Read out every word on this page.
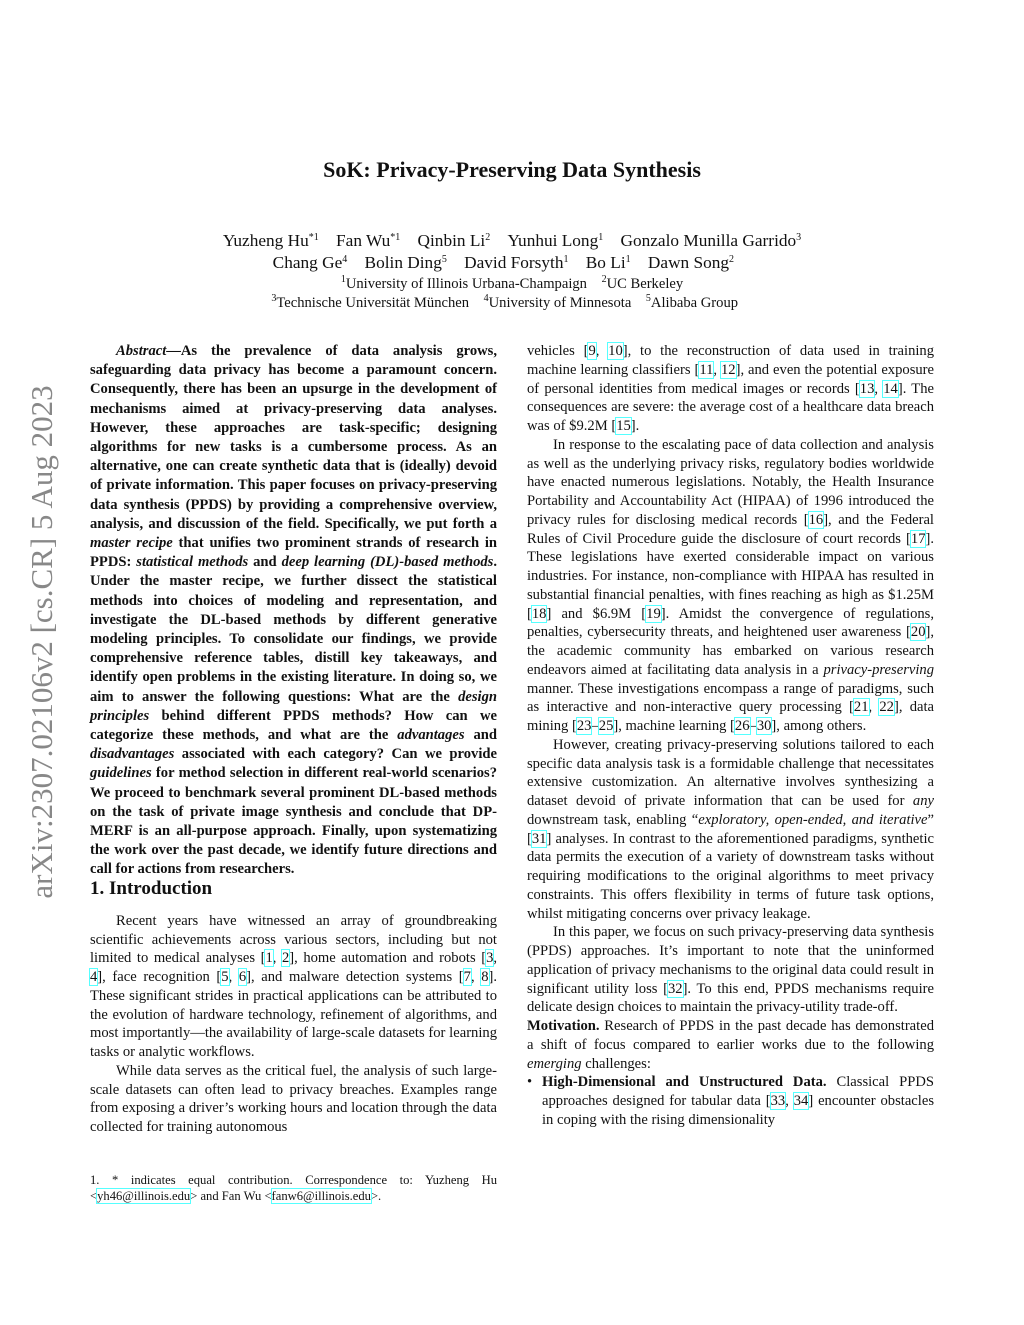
arXiv:2307.02106v2 [cs.CR] 5 Aug 2023
SoK: Privacy-Preserving Data Synthesis
Yuzheng Hu$^{*1}$  Fan Wu$^{*1}$  Qinbin Li$^2$  Yunhui Long$^1$  Gonzalo Munilla Garrido$^3$
Chang Ge$^4$  Bolin Ding$^5$  David Forsyth$^1$  Bo Li$^1$  Dawn Song$^2$ 
$^1$University of Illinois Urbana-Champaign  $^2$UC Berkeley
$^3$Technische Universität München  $^4$University of Minnesota  $^5$Alibaba Group 

Abstract—As the prevalence of data analysis grows, safeguarding data privacy has become a paramount concern. Consequently, there has been an upsurge in the development of mechanisms aimed at privacy-preserving data analyses. However, these approaches are task-specific; designing algorithms for new tasks is a cumbersome process. As an alternative, one can create synthetic data that is (ideally) devoid of private information. This paper focuses on privacy-preserving data synthesis (PPDS) by providing a comprehensive overview, analysis, and discussion of the field. Specifically, we put forth a master recipe that unifies two prominent strands of research in PPDS: statistical methods and deep learning (DL)-based methods. Under the master recipe, we further dissect the statistical methods into choices of modeling and representation, and investigate the DL-based methods by different generative modeling principles. To consolidate our findings, we provide comprehensive reference tables, distill key takeaways, and identify open problems in the existing literature. In doing so, we aim to answer the following questions: What are the design principles behind different PPDS methods? How can we categorize these methods, and what are the advantages and disadvantages associated with each category? Can we provide guidelines for method selection in different real-world scenarios? We proceed to benchmark several prominent DL-based methods on the task of private image synthesis and conclude that DP-MERF is an all-purpose approach. Finally, upon systematizing the work over the past decade, we identify future directions and call for actions from researchers.

1. Introduction

Recent years have witnessed an array of groundbreaking scientific achievements across various sectors, including but not limited to medical analyses [1, 2], home automation and robots [3, 4], face recognition [5, 6], and malware detection systems [7, 8]. These significant strides in practical applications can be attributed to the evolution of hardware technology, refinement of algorithms, and most importantly—the availability of large-scale datasets for learning tasks or analytic workflows.

While data serves as the critical fuel, the analysis of such large-scale datasets can often lead to privacy breaches. Examples range from exposing a driver’s working hours and location through the data collected for training autonomous

1. * indicates equal contribution. Correspondence to: Yuzheng Hu <yh46@illinois.edu> and Fan Wu <fanw6@illinois.edu>.

vehicles [9, 10], to the reconstruction of data used in training machine learning classifiers [11, 12], and even the potential exposure of personal identities from medical images or records [13, 14]. The consequences are severe: the average cost of a healthcare data breach was of $9.2M [15].

In response to the escalating pace of data collection and analysis as well as the underlying privacy risks, regulatory bodies worldwide have enacted numerous legislations. Notably, the Health Insurance Portability and Accountability Act (HIPAA) of 1996 introduced the privacy rules for disclosing medical records [16], and the Federal Rules of Civil Procedure guide the disclosure of court records [17]. These legislations have exerted considerable impact on various industries. For instance, non-compliance with HIPAA has resulted in substantial financial penalties, with fines reaching as high as $1.25M [18] and $6.9M [19]. Amidst the convergence of regulations, penalties, cybersecurity threats, and heightened user awareness [20], the academic community has embarked on various research endeavors aimed at facilitating data analysis in a privacy-preserving manner. These investigations encompass a range of paradigms, such as interactive and non-interactive query processing [21, 22], data mining [23–25], machine learning [26–30], among others.

However, creating privacy-preserving solutions tailored to each specific data analysis task is a formidable challenge that necessitates extensive customization. An alternative involves synthesizing a dataset devoid of private information that can be used for any downstream task, enabling “exploratory, open-ended, and iterative” [31] analyses. In contrast to the aforementioned paradigms, synthetic data permits the execution of a variety of downstream tasks without requiring modifications to the original algorithms to meet privacy constraints. This offers flexibility in terms of future task options, whilst mitigating concerns over privacy leakage.

In this paper, we focus on such privacy-preserving data synthesis (PPDS) approaches. It’s important to note that the uninformed application of privacy mechanisms to the original data could result in significant utility loss [32]. To this end, PPDS mechanisms require delicate design choices to maintain the privacy-utility trade-off.

Motivation. Research of PPDS in the past decade has demonstrated a shift of focus compared to earlier works due to the following emerging challenges:

• High-Dimensional and Unstructured Data. Classical PPDS approaches designed for tabular data [33, 34] encounter obstacles in coping with the rising dimensionality
